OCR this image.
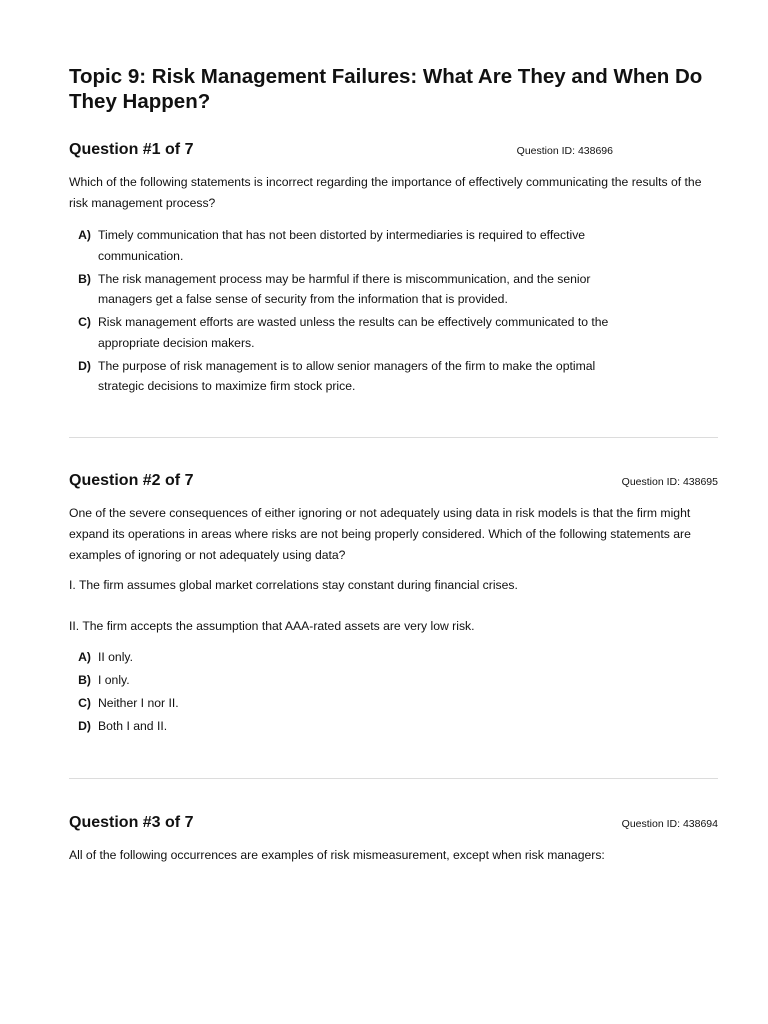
Topic 9: Risk Management Failures: What Are They and When Do They Happen?
Question #1 of 7	Question ID: 438696

Which of the following statements is incorrect regarding the importance of effectively communicating the results of the risk management process?

A) Timely communication that has not been distorted by intermediaries is required to effective communication.
B) The risk management process may be harmful if there is miscommunication, and the senior managers get a false sense of security from the information that is provided.
C) Risk management efforts are wasted unless the results can be effectively communicated to the appropriate decision makers.
D) The purpose of risk management is to allow senior managers of the firm to make the optimal strategic decisions to maximize firm stock price.
Question #2 of 7	Question ID: 438695

One of the severe consequences of either ignoring or not adequately using data in risk models is that the firm might expand its operations in areas where risks are not being properly considered. Which of the following statements are examples of ignoring or not adequately using data?

I. The firm assumes global market correlations stay constant during financial crises.

II. The firm accepts the assumption that AAA-rated assets are very low risk.

A) II only.
B) I only.
C) Neither I nor II.
D) Both I and II.
Question #3 of 7	Question ID: 438694

All of the following occurrences are examples of risk mismeasurement, except when risk managers:
